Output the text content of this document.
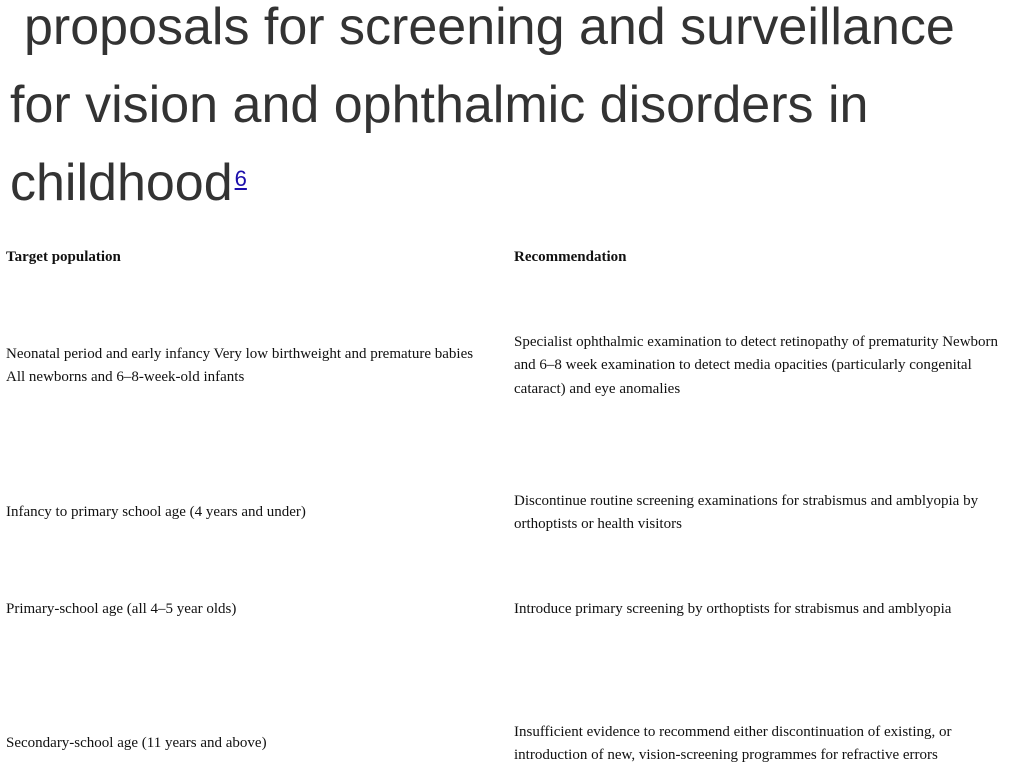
proposals for screening and surveillance for vision and ophthalmic disorders in childhood$^6$
Target population	Recommendation
Neonatal period and early infancy Very low birthweight and premature babies All newborns and 6–8-week-old infants
Specialist ophthalmic examination to detect retinopathy of prematurity Newborn and 6–8 week examination to detect media opacities (particularly congenital cataract) and eye anomalies
Infancy to primary school age (4 years and under)
Discontinue routine screening examinations for strabismus and amblyopia by orthoptists or health visitors
Primary-school age (all 4–5 year olds)	Introduce primary screening by orthoptists for strabismus and amblyopia
Secondary-school age (11 years and above)
Insufficient evidence to recommend either discontinuation of existing, or introduction of new, vision-screening programmes for refractive errors
